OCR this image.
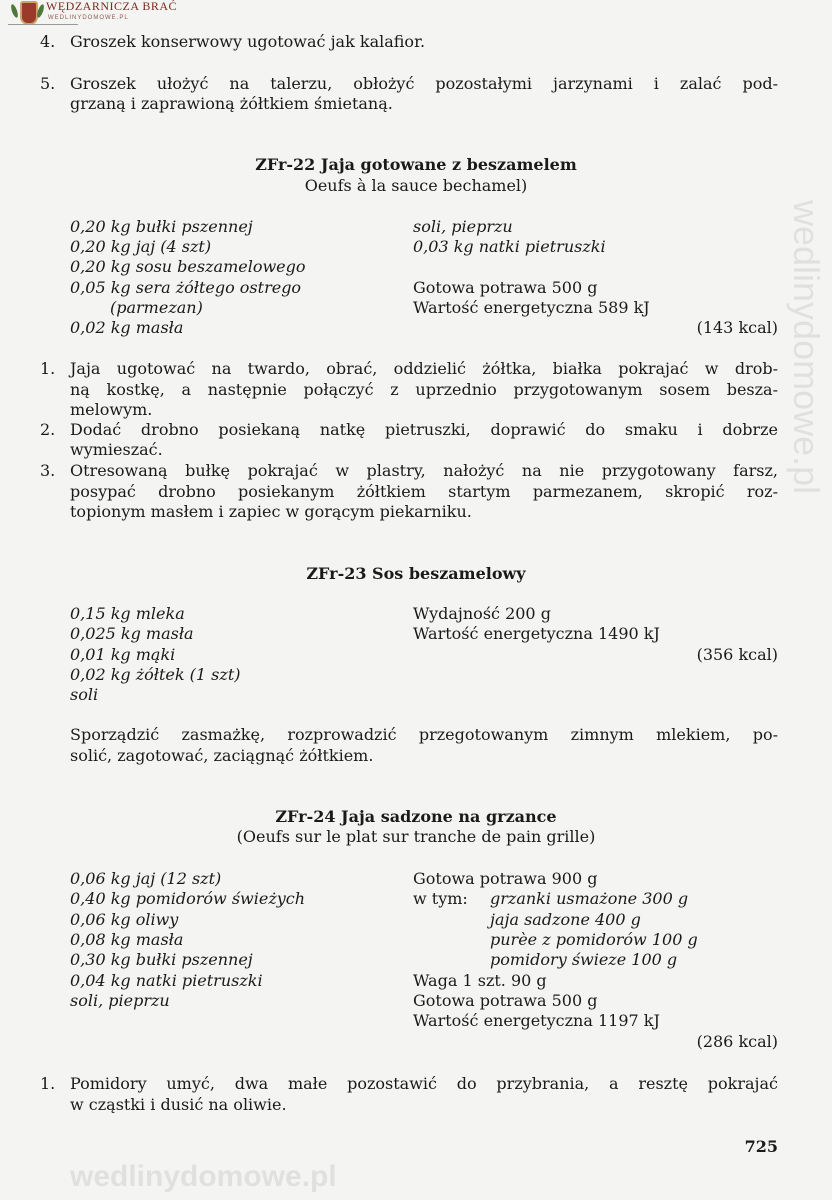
WĘDZARNICZA BRAĆ
WEDLINYDOMOWE.PL
wedlinydomowe.pl
wedlinydomowe.pl
4. Groszek konserwowy ugotować jak kalafior.
5. Groszek ułożyć na talerzu, obłożyć pozostałymi jarzynami i zalać pod-
grzaną i zaprawioną żółtkiem śmietaną.
ZFr-22 Jaja gotowane z beszamelem
Oeufs à la sauce bechamel)
0,20 kg bułki pszennej
0,20 kg jaj (4 szt)
0,20 kg sosu beszamelowego
0,05 kg sera żółtego ostrego
(parmezan)
0,02 kg masła
soli, pieprzu
0,03 kg natki pietruszki
Gotowa potrawa 500 g
Wartość energetyczna 589 kJ
(143 kcal)
1. Jaja ugotować na twardo, obrać, oddzielić żółtka, białka pokrajać w drob-
ną kostkę, a następnie połączyć z uprzednio przygotowanym sosem besza-
melowym.
2. Dodać drobno posiekaną natkę pietruszki, doprawić do smaku i dobrze
wymieszać.
3. Otresowaną bułkę pokrajać w plastry, nałożyć na nie przygotowany farsz,
posypać drobno posiekanym żółtkiem startym parmezanem, skropić roz-
topionym masłem i zapiec w gorącym piekarniku.
ZFr-23 Sos beszamelowy
0,15 kg mleka
0,025 kg masła
0,01 kg mąki
0,02 kg żółtek (1 szt)
soli
Wydajność 200 g
Wartość energetyczna 1490 kJ
(356 kcal)
Sporządzić zasmażkę, rozprowadzić przegotowanym zimnym mlekiem, po-
solić, zagotować, zaciągnąć żółtkiem.
ZFr-24 Jaja sadzone na grzance
(Oeufs sur le plat sur tranche de pain grille)
0,06 kg jaj (12 szt)
0,40 kg pomidorów świeżych
0,06 kg oliwy
0,08 kg masła
0,30 kg bułki pszennej
0,04 kg natki pietruszki
soli, pieprzu
Gotowa potrawa 900 g
w tym: grzanki usmażone 300 g
jaja sadzone 400 g
purèe z pomidorów 100 g
pomidory świeze 100 g
Waga 1 szt. 90 g
Gotowa potrawa 500 g
Wartość energetyczna 1197 kJ
(286 kcal)
1. Pomidory umyć, dwa małe pozostawić do przybrania, a resztę pokrajać
w cząstki i dusić na oliwie.
725
